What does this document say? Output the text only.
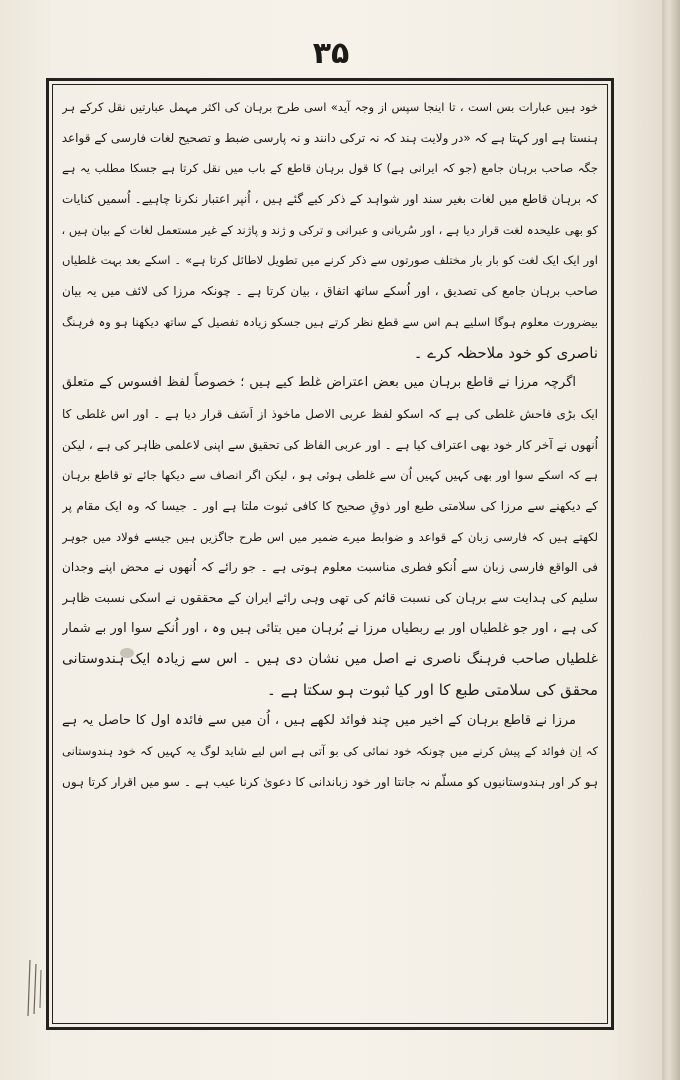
۳۵
خود ہیں عبارات بس است ، تا اینجا سپس از وجہ آید» اسی طرح برہان کی اکثر مہمل عبارتیں نقل کرکے ہر
ہنستا ہے اور کہتا ہے کہ «در ولایت ہند کہ نہ ترکی دانند و نہ پارسی ضبط و تصحیح لغات فارسی کے قواعد
جگہ صاحب برہان جامع (جو کہ ایرانی ہے) کا قول برہان قاطع کے باب میں نقل کرتا ہے جسکا مطلب یہ ہے
کہ برہان قاطع میں لغات بغیر سند اور شواہد کے ذکر کیے گئے ہیں ، اُنپر اعتبار نکرنا چاہیے۔ اُسمیں کنایات
کو بھی علیحدہ لغت قرار دیا ہے ، اور سُریانی و عبرانی و ترکی و ژند و پاژند کے غیر مستعمل لغات کے بیان ہیں ،
اور ایک ایک لغت کو بار بار مختلف صورتوں سے ذکر کرنے میں تطویل لاطائل کرتا ہے» ۔ اسکے بعد بہت غلطیاں
صاحب برہان جامع کی تصدیق ، اور اُسکے ساتھ اتفاق ، بیان کرتا ہے ۔ چونکہ مرزا کی لائف میں یہ بیان
بیضرورت معلوم ہوگا اسلیے ہم اس سے قطع نظر کرتے ہیں جسکو زیادہ تفصیل کے ساتھ دیکھنا ہو وہ فرہنگ
ناصری کو خود ملاحظہ کرے ۔
اگرچہ مرزا نے قاطع برہان میں بعض اعتراض غلط کیے ہیں ؛ خصوصاً لفظ افسوس کے متعلق
ایک بڑی فاحش غلطی کی ہے کہ اسکو لفظ عربی الاصل ماخوذ از اَسَف قرار دیا ہے ۔ اور اس غلطی کا
اُنھوں نے آخر کار خود بھی اعتراف کیا ہے ۔ اور عربی الفاظ کی تحقیق سے اپنی لاعلمی ظاہر کی ہے ، لیکن
ہے کہ اسکے سوا اور بھی کہیں کہیں اُن سے غلطی ہوئی ہو ، لیکن اگر انصاف سے دیکھا جائے تو قاطع برہان
کے دیکھنے سے مرزا کی سلامتی طبع اور ذوقِ صحیح کا کافی ثبوت ملتا ہے اور ۔ جیسا کہ وہ ایک مقام پر
لکھتے ہیں کہ فارسی زبان کے قواعد و ضوابط میرے ضمیر میں اس طرح جاگزیں ہیں جیسے فولاد میں جوہر
فی الواقع فارسی زبان سے اُنکو فطری مناسبت معلوم ہوتی ہے ۔ جو رائے کہ اُنھوں نے محض اپنے وجدان
سلیم کی ہدایت سے برہان کی نسبت قائم کی تھی وہی رائے ایران کے محققوں نے اسکی نسبت ظاہر
کی ہے ، اور جو غلطیاں اور بے ربطیاں مرزا نے بُرہان میں بتائی ہیں وہ ، اور اُنکے سوا اور بے شمار
غلطیاں صاحب فرہنگ ناصری نے اصل میں نشان دی ہیں ۔ اس سے زیادہ ایک ہندوستانی
محقق کی سلامتی طبع کا اور کیا ثبوت ہو سکتا ہے ۔
مرزا نے قاطع برہان کے اخیر میں چند فوائد لکھے ہیں ، اُن میں سے فائدہ اول کا حاصل یہ ہے
کہ اِن فوائد کے پیش کرنے میں چونکہ خود نمائی کی بو آتی ہے اس لیے شاید لوگ یہ کہیں کہ خود ہندوستانی
ہو کر اور ہندوستانیوں کو مسلّم نہ جانتا اور خود زباندانی کا دعویٰ کرنا عیب ہے ۔ سو میں اقرار کرتا ہوں
